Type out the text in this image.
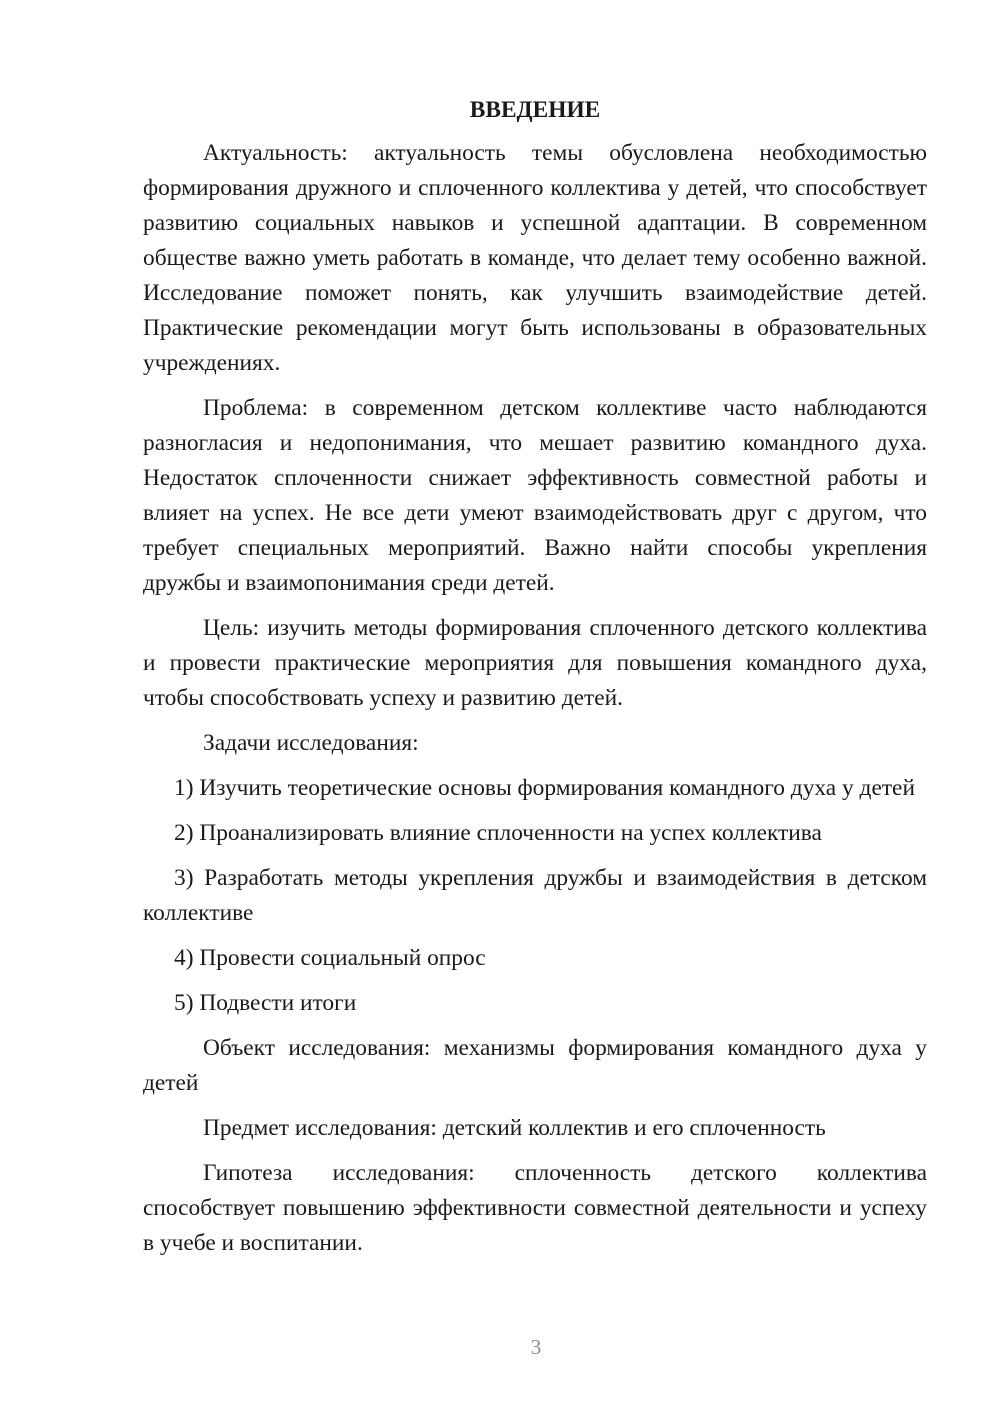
ВВЕДЕНИЕ

Актуальность: актуальность темы обусловлена необходимостью формирования дружного и сплоченного коллектива у детей, что способствует развитию социальных навыков и успешной адаптации. В современном обществе важно уметь работать в команде, что делает тему особенно важной. Исследование поможет понять, как улучшить взаимодействие детей. Практические рекомендации могут быть использованы в образовательных учреждениях.

Проблема: в современном детском коллективе часто наблюдаются разногласия и недопонимания, что мешает развитию командного духа. Недостаток сплоченности снижает эффективность совместной работы и влияет на успех. Не все дети умеют взаимодействовать друг с другом, что требует специальных мероприятий. Важно найти способы укрепления дружбы и взаимопонимания среди детей.

Цель: изучить методы формирования сплоченного детского коллектива и провести практические мероприятия для повышения командного духа, чтобы способствовать успеху и развитию детей.

Задачи исследования:

1) Изучить теоретические основы формирования командного духа у детей

2) Проанализировать влияние сплоченности на успех коллектива

3) Разработать методы укрепления дружбы и взаимодействия в детском коллективе

4) Провести социальный опрос

5) Подвести итоги

Объект исследования: механизмы формирования командного духа у детей

Предмет исследования: детский коллектив и его сплоченность

Гипотеза исследования: сплоченность детского коллектива способствует повышению эффективности совместной деятельности и успеху в учебе и воспитании.

3
